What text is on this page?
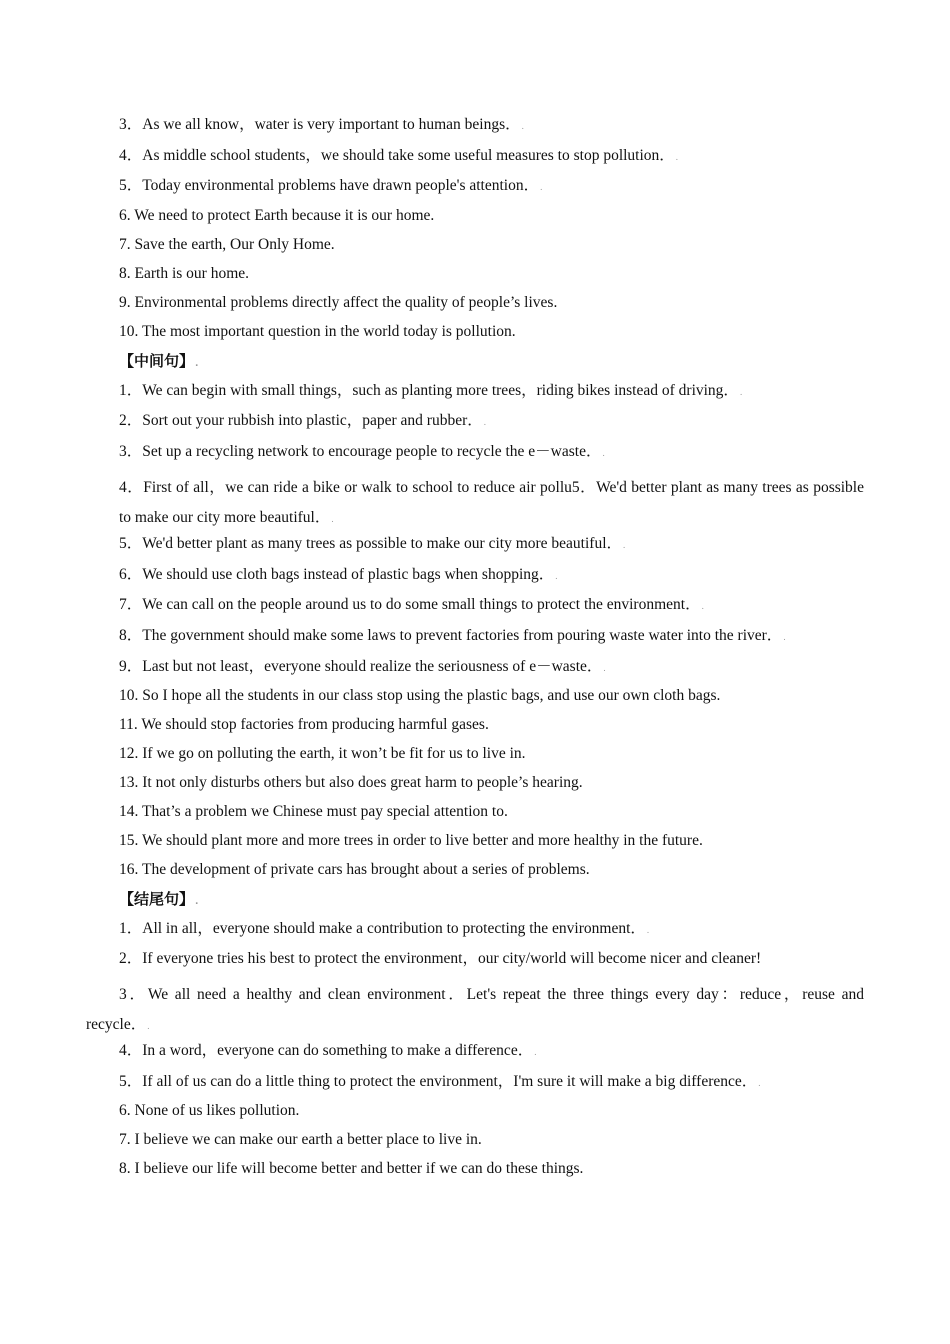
3．As we all know，water is very important to human beings．.
4．As middle school students，we should take some useful measures to stop pollution．.
5．Today environmental problems have drawn people's attention．.
6. We need to protect Earth because it is our home.
7. Save the earth, Our Only Home.
8. Earth is our home.
9. Environmental problems directly affect the quality of people’s lives.
10. The most important question in the world today is pollution.
【中间句】.
1．We can begin with small things，such as planting more trees，riding bikes instead of driving．.
2．Sort out your rubbish into plastic，paper and rubber．.
3．Set up a recycling network to encourage people to recycle the e－waste．.
4．First of all，we can ride a bike or walk to school to reduce air pollu5．We'd better plant as many trees as possible to make our city more beautiful．.
5．We'd better plant as many trees as possible to make our city more beautiful．.
6．We should use cloth bags instead of plastic bags when shopping．.
7．We can call on the people around us to do some small things to protect the environment．.
8．The government should make some laws to prevent factories from pouring waste water into the river．.
9．Last but not least，everyone should realize the seriousness of e－waste．.
10. So I hope all the students in our class stop using the plastic bags, and use our own cloth bags.
11. We should stop factories from producing harmful gases.
12. If we go on polluting the earth, it won’t be fit for us to live in.
13. It not only disturbs others but also does great harm to people’s hearing.
14. That’s a problem we Chinese must pay special attention to.
15. We should plant more and more trees in order to live better and more healthy in the future.
16. The development of private cars has brought about a series of problems.
【结尾句】.
1．All in all，everyone should make a contribution to protecting the environment．.
2．If everyone tries his best to protect the environment，our city/world will become nicer and cleaner!
3．We all need a healthy and clean environment．Let's repeat the three things every day：reduce，reuse and recycle．.
4．In a word，everyone can do something to make a difference．.
5．If all of us can do a little thing to protect the environment，I'm sure it will make a big difference．.
6. None of us likes pollution.
7. I believe we can make our earth a better place to live in.
8. I believe our life will become better and better if we can do these things.
